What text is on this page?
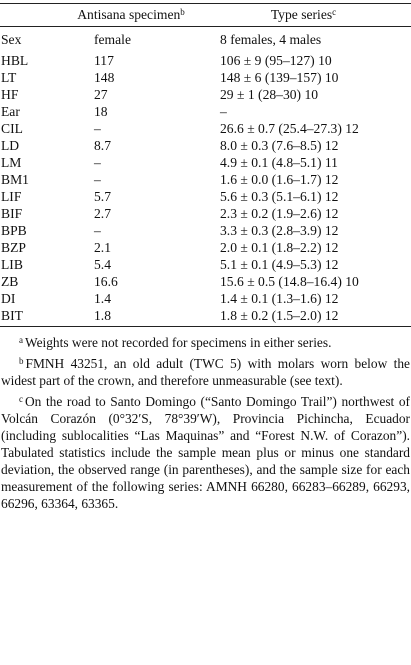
	Antisana specimen$^b$	Type series$^c$
Sex	female	8 females, 4 males
HBL	117	106 ± 9 (95–127) 10
LT	148	148 ± 6 (139–157) 10
HF	27	29 ± 1 (28–30) 10
Ear	18	–
CIL	–	26.6 ± 0.7 (25.4–27.3) 12
LD	8.7	8.0 ± 0.3 (7.6–8.5) 12
LM	–	4.9 ± 0.1 (4.8–5.1) 11
BM1	–	1.6 ± 0.0 (1.6–1.7) 12
LIF	5.7	5.6 ± 0.3 (5.1–6.1) 12
BIF	2.7	2.3 ± 0.2 (1.9–2.6) 12
BPB	–	3.3 ± 0.3 (2.8–3.9) 12
BZP	2.1	2.0 ± 0.1 (1.8–2.2) 12
LIB	5.4	5.1 ± 0.1 (4.9–5.3) 12
ZB	16.6	15.6 ± 0.5 (14.8–16.4) 10
DI	1.4	1.4 ± 0.1 (1.3–1.6) 12
BIT	1.8	1.8 ± 0.2 (1.5–2.0) 12

$^a$ Weights were not recorded for specimens in either series.

$^b$ FMNH 43251, an old adult (TWC 5) with molars worn below the widest part of the crown, and therefore unmeasurable (see text).

$^c$ On the road to Santo Domingo (“Santo Domingo Trail”) northwest of Volcán Corazón (0°32′S, 78°39′W), Provincia Pichincha, Ecuador (including sublocalities “Las Maquinas” and “Forest N.W. of Corazon”). Tabulated statistics include the sample mean plus or minus one standard deviation, the observed range (in parentheses), and the sample size for each measurement of the following series: AMNH 66280, 66283–66289, 66293, 66296, 63364, 63365.
